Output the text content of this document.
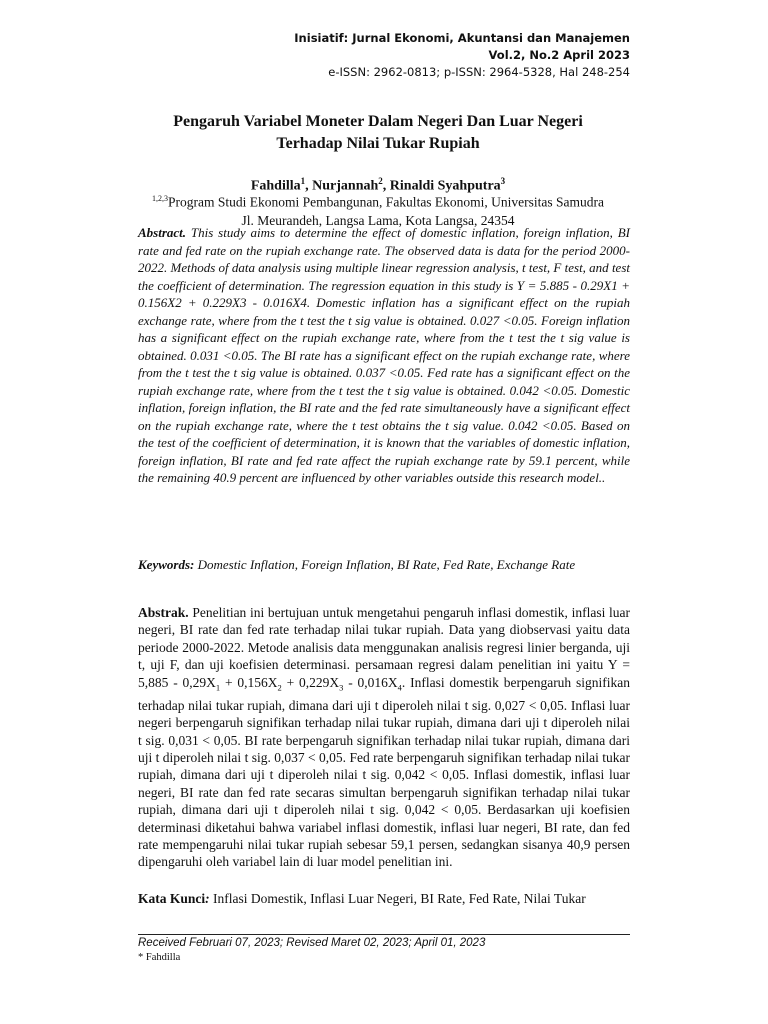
Inisiatif: Jurnal Ekonomi, Akuntansi dan Manajemen
Vol.2, No.2 April 2023
e-ISSN: 2962-0813; p-ISSN: 2964-5328, Hal 248-254
Pengaruh Variabel Moneter Dalam Negeri Dan Luar Negeri
Terhadap Nilai Tukar Rupiah
Fahdilla$^1$, Nurjannah$^2$, Rinaldi Syahputra$^3$
$^{1,2,3}$Program Studi Ekonomi Pembangunan, Fakultas Ekonomi, Universitas Samudra
Jl. Meurandeh, Langsa Lama, Kota Langsa, 24354
Abstract. This study aims to determine the effect of domestic inflation, foreign inflation, BI rate and fed rate on the rupiah exchange rate. The observed data is data for the period 2000-2022. Methods of data analysis using multiple linear regression analysis, t test, F test, and test the coefficient of determination. The regression equation in this study is Y = 5.885 - 0.29X1 + 0.156X2 + 0.229X3 - 0.016X4. Domestic inflation has a significant effect on the rupiah exchange rate, where from the t test the t sig value is obtained. 0.027 <0.05. Foreign inflation has a significant effect on the rupiah exchange rate, where from the t test the t sig value is obtained. 0.031 <0.05. The BI rate has a significant effect on the rupiah exchange rate, where from the t test the t sig value is obtained. 0.037 <0.05. Fed rate has a significant effect on the rupiah exchange rate, where from the t test the t sig value is obtained. 0.042 <0.05. Domestic inflation, foreign inflation, the BI rate and the fed rate simultaneously have a significant effect on the rupiah exchange rate, where the t test obtains the t sig value. 0.042 <0.05. Based on the test of the coefficient of determination, it is known that the variables of domestic inflation, foreign inflation, BI rate and fed rate affect the rupiah exchange rate by 59.1 percent, while the remaining 40.9 percent are influenced by other variables outside this research model..
Keywords: Domestic Inflation, Foreign Inflation, BI Rate, Fed Rate, Exchange Rate
Abstrak. Penelitian ini bertujuan untuk mengetahui pengaruh inflasi domestik, inflasi luar negeri, BI rate dan fed rate terhadap nilai tukar rupiah. Data yang diobservasi yaitu data periode 2000-2022. Metode analisis data menggunakan analisis regresi linier berganda, uji t, uji F, dan uji koefisien determinasi. persamaan regresi dalam penelitian ini yaitu $Y = 5,885 - 0,29X_1 + 0,156X_2 + 0,229X_3 - 0,016X_4$. Inflasi domestik berpengaruh signifikan terhadap nilai tukar rupiah, dimana dari uji t diperoleh nilai t sig. 0,027 < 0,05. Inflasi luar negeri berpengaruh signifikan terhadap nilai tukar rupiah, dimana dari uji t diperoleh nilai t sig. 0,031 < 0,05. BI rate berpengaruh signifikan terhadap nilai tukar rupiah, dimana dari uji t diperoleh nilai t sig. 0,037 < 0,05. Fed rate berpengaruh signifikan terhadap nilai tukar rupiah, dimana dari uji t diperoleh nilai t sig. 0,042 < 0,05. Inflasi domestik, inflasi luar negeri, BI rate dan fed rate secaras simultan berpengaruh signifikan terhadap nilai tukar rupiah, dimana dari uji t diperoleh nilai t sig. 0,042 < 0,05. Berdasarkan uji koefisien determinasi diketahui bahwa variabel inflasi domestik, inflasi luar negeri, BI rate, dan fed rate mempengaruhi nilai tukar rupiah sebesar 59,1 persen, sedangkan sisanya 40,9 persen dipengaruhi oleh variabel lain di luar model penelitian ini.
Kata Kunci: Inflasi Domestik, Inflasi Luar Negeri, BI Rate, Fed Rate, Nilai Tukar
Received Februari 07, 2023; Revised Maret 02, 2023; April 01, 2023
* Fahdilla
